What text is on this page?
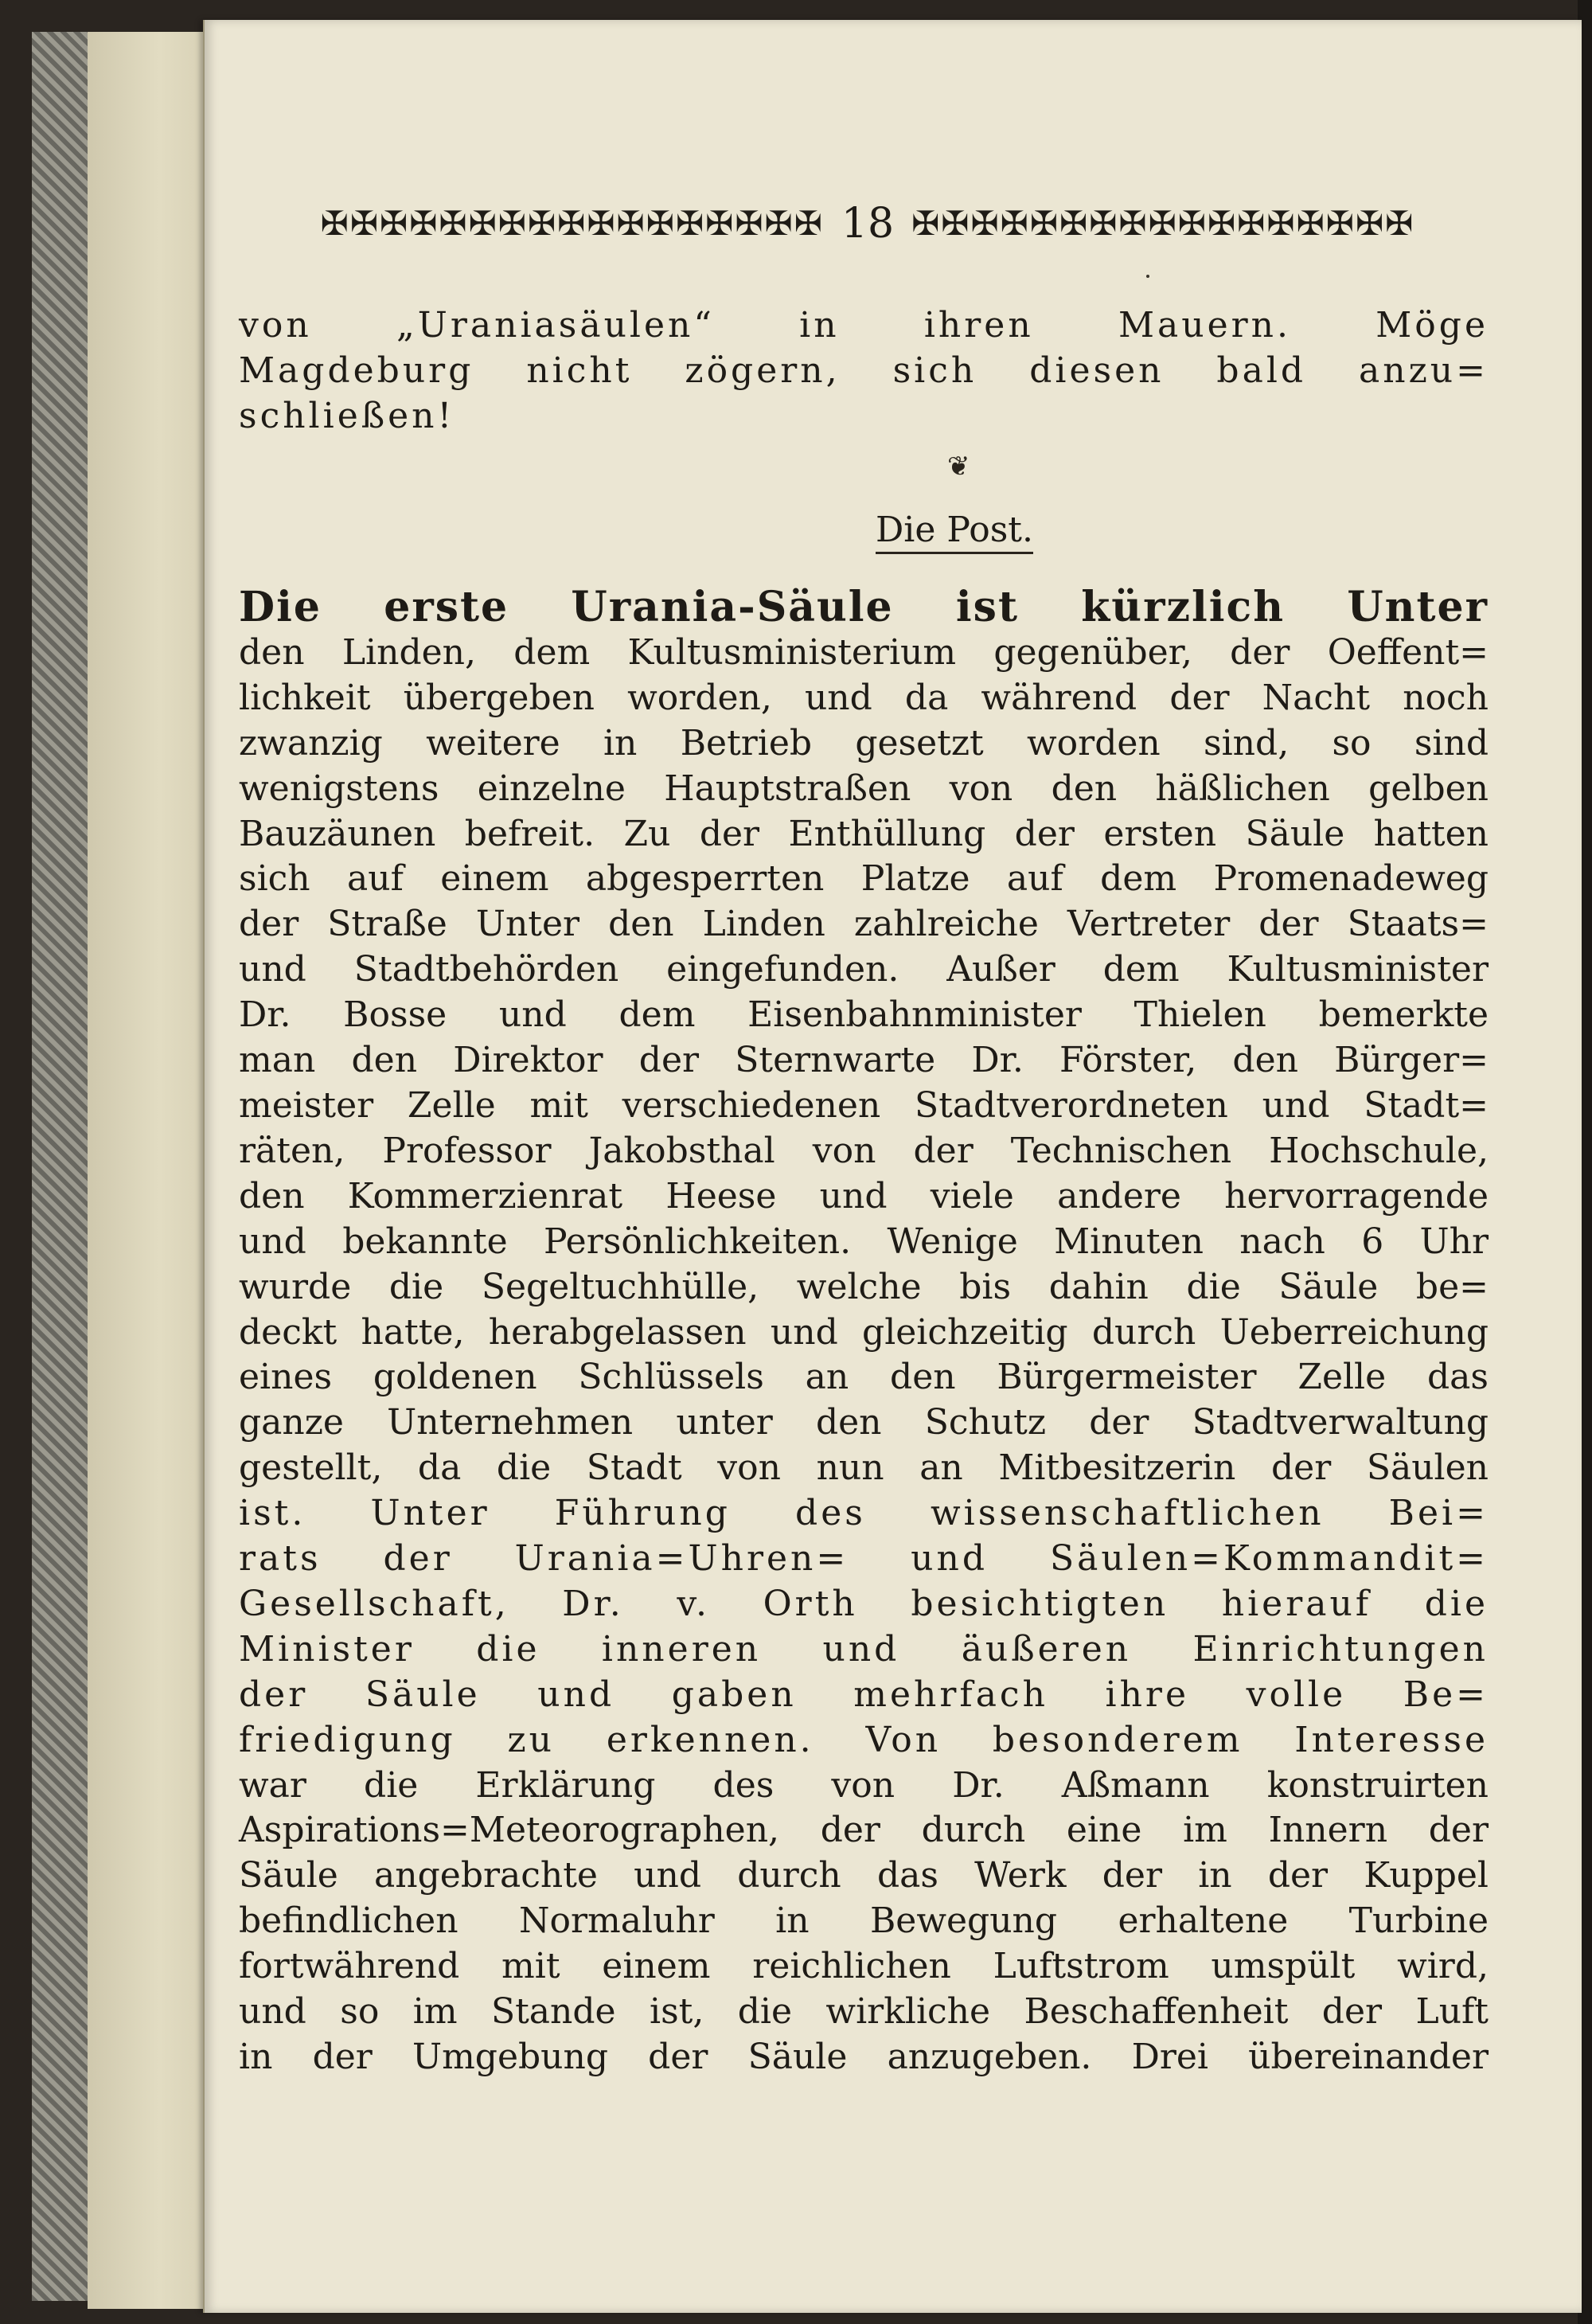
✠✠✠✠✠✠✠✠✠✠✠✠✠✠✠✠✠ 18 ✠✠✠✠✠✠✠✠✠✠✠✠✠✠✠✠✠
von „Uraniasäulen“ in ihren Mauern. Möge
Magdeburg nicht zögern, sich diesen bald anzu=
schließen!
❦
Die Post.
Die erste Urania-Säule ist kürzlich Unter
den Linden, dem Kultusministerium gegenüber, der Oeffent=
lichkeit übergeben worden, und da während der Nacht noch
zwanzig weitere in Betrieb gesetzt worden sind, so sind
wenigstens einzelne Hauptstraßen von den häßlichen gelben
Bauzäunen befreit. Zu der Enthüllung der ersten Säule hatten
sich auf einem abgesperrten Platze auf dem Promenadeweg
der Straße Unter den Linden zahlreiche Vertreter der Staats=
und Stadtbehörden eingefunden. Außer dem Kultusminister
Dr. Bosse und dem Eisenbahnminister Thielen bemerkte
man den Direktor der Sternwarte Dr. Förster, den Bürger=
meister Zelle mit verschiedenen Stadtverordneten und Stadt=
räten, Professor Jakobsthal von der Technischen Hochschule,
den Kommerzienrat Heese und viele andere hervorragende
und bekannte Persönlichkeiten. Wenige Minuten nach 6 Uhr
wurde die Segeltuchhülle, welche bis dahin die Säule be=
deckt hatte, herabgelassen und gleichzeitig durch Ueberreichung
eines goldenen Schlüssels an den Bürgermeister Zelle das
ganze Unternehmen unter den Schutz der Stadtverwaltung
gestellt, da die Stadt von nun an Mitbesitzerin der Säulen
ist. Unter Führung des wissenschaftlichen Bei=
rats der Urania=Uhren= und Säulen=Kommandit=
Gesellschaft, Dr. v. Orth besichtigten hierauf die
Minister die inneren und äußeren Einrichtungen
der Säule und gaben mehrfach ihre volle Be=
friedigung zu erkennen. Von besonderem Interesse
war die Erklärung des von Dr. Aßmann konstruirten
Aspirations=Meteorographen, der durch eine im Innern der
Säule angebrachte und durch das Werk der in der Kuppel
befindlichen Normaluhr in Bewegung erhaltene Turbine
fortwährend mit einem reichlichen Luftstrom umspült wird,
und so im Stande ist, die wirkliche Beschaffenheit der Luft
in der Umgebung der Säule anzugeben. Drei übereinander
